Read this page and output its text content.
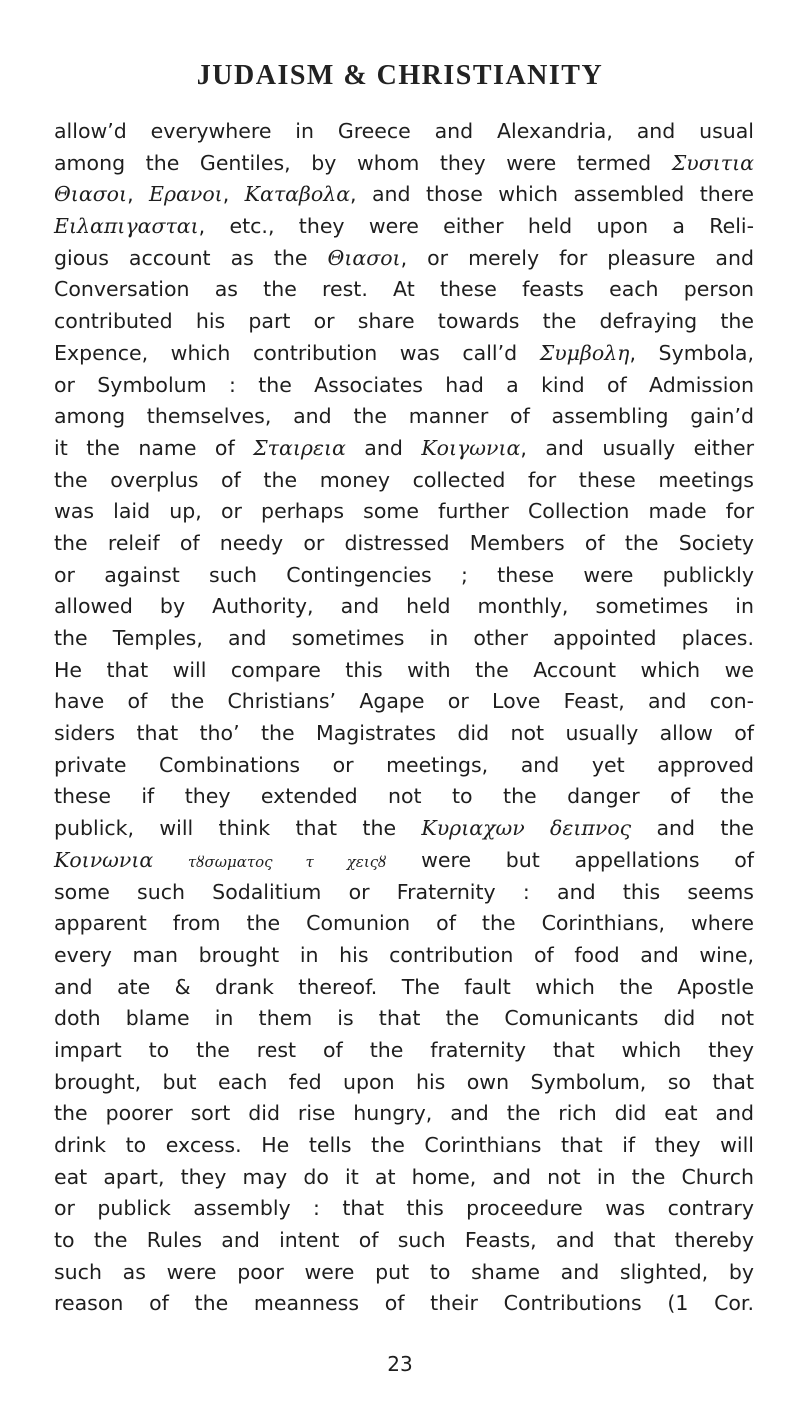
JUDAISM & CHRISTIANITY
allow’d everywhere in Greece and Alexandria, and usual
among the Gentiles, by whom they were termed Συσιτια
Θιασοι, Ερανοι, Καταβολα, and those which assembled there
Ειλαπιγασται, etc., they were either held upon a Reli-
gious account as the Θιασοι, or merely for pleasure and
Conversation as the rest. At these feasts each person
contributed his part or share towards the defraying the
Expence, which contribution was call’d Συμβολη, Symbola,
or Symbolum : the Associates had a kind of Admission
among themselves, and the manner of assembling gain’d
it the name of Σταιρεια and Κοιγωνια, and usually either
the overplus of the money collected for these meetings
was laid up, or perhaps some further Collection made for
the releif of needy or distressed Members of the Society
or against such Contingencies ; these were publickly
allowed by Authority, and held monthly, sometimes in
the Temples, and sometimes in other appointed places.
He that will compare this with the Account which we
have of the Christians’ Agape or Love Feast, and con-
siders that tho’ the Magistrates did not usually allow of
private Combinations or meetings, and yet approved
these if they extended not to the danger of the
publick, will think that the Κυριαχων δειπνος and the
Κοινωνια τȣσωματος τ χειςȣ were but appellations of
some such Sodalitium or Fraternity : and this seems
apparent from the Comunion of the Corinthians, where
every man brought in his contribution of food and wine,
and ate & drank thereof. The fault which the Apostle
doth blame in them is that the Comunicants did not
impart to the rest of the fraternity that which they
brought, but each fed upon his own Symbolum, so that
the poorer sort did rise hungry, and the rich did eat and
drink to excess. He tells the Corinthians that if they will
eat apart, they may do it at home, and not in the Church
or publick assembly : that this proceedure was contrary
to the Rules and intent of such Feasts, and that thereby
such as were poor were put to shame and slighted, by
reason of the meanness of their Contributions (1 Cor.
23
